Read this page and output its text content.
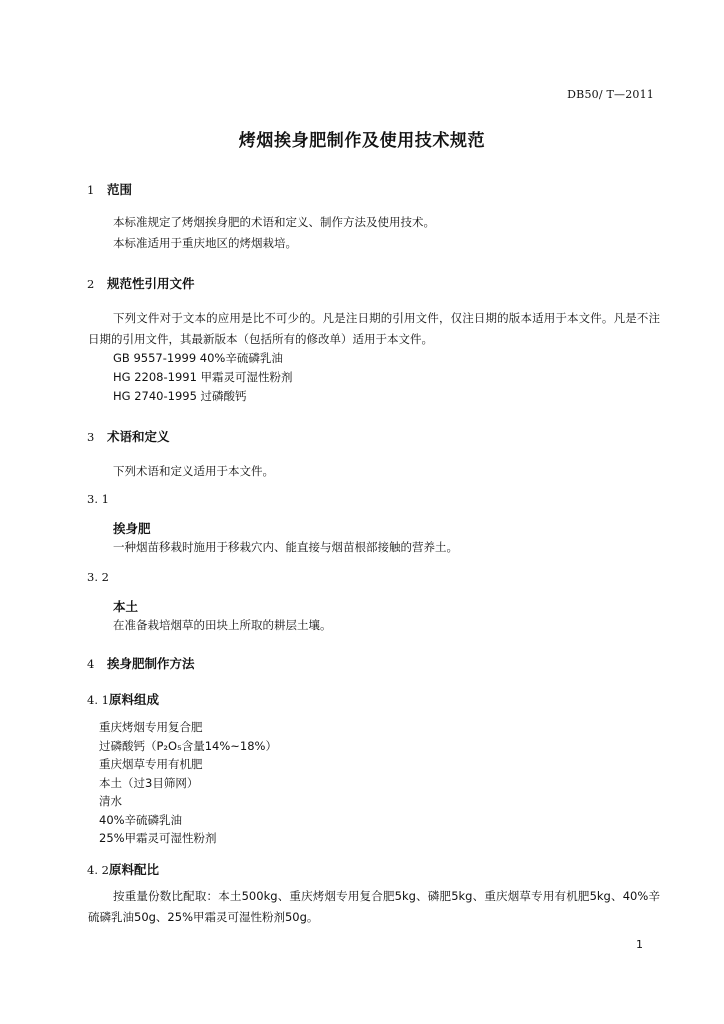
DB50/ T—2011
烤烟挨身肥制作及使用技术规范
1 范围
本标准规定了烤烟挨身肥的术语和定义、制作方法及使用技术。
本标准适用于重庆地区的烤烟栽培。
2 规范性引用文件
下列文件对于文本的应用是比不可少的。凡是注日期的引用文件，仅注日期的版本适用于本文件。凡是不注日期的引用文件，其最新版本（包括所有的修改单）适用于本文件。
GB 9557-1999 40%辛硫磷乳油
HG 2208-1991 甲霜灵可湿性粉剂
HG 2740-1995 过磷酸钙
3 术语和定义
下列术语和定义适用于本文件。
3. 1
挨身肥
一种烟苗移栽时施用于移栽穴内、能直接与烟苗根部接触的营养土。
3. 2
本土
在准备栽培烟草的田块上所取的耕层土壤。
4 挨身肥制作方法
4. 1原料组成
重庆烤烟专用复合肥
过磷酸钙（P₂O₅含量14%~18%）
重庆烟草专用有机肥
本土（过3目筛网）
清水
40%辛硫磷乳油
25%甲霜灵可湿性粉剂
4. 2原料配比
按重量份数比配取：本土500kg、重庆烤烟专用复合肥5kg、磷肥5kg、重庆烟草专用有机肥5kg、40%辛硫磷乳油50g、25%甲霜灵可湿性粉剂50g。
1
